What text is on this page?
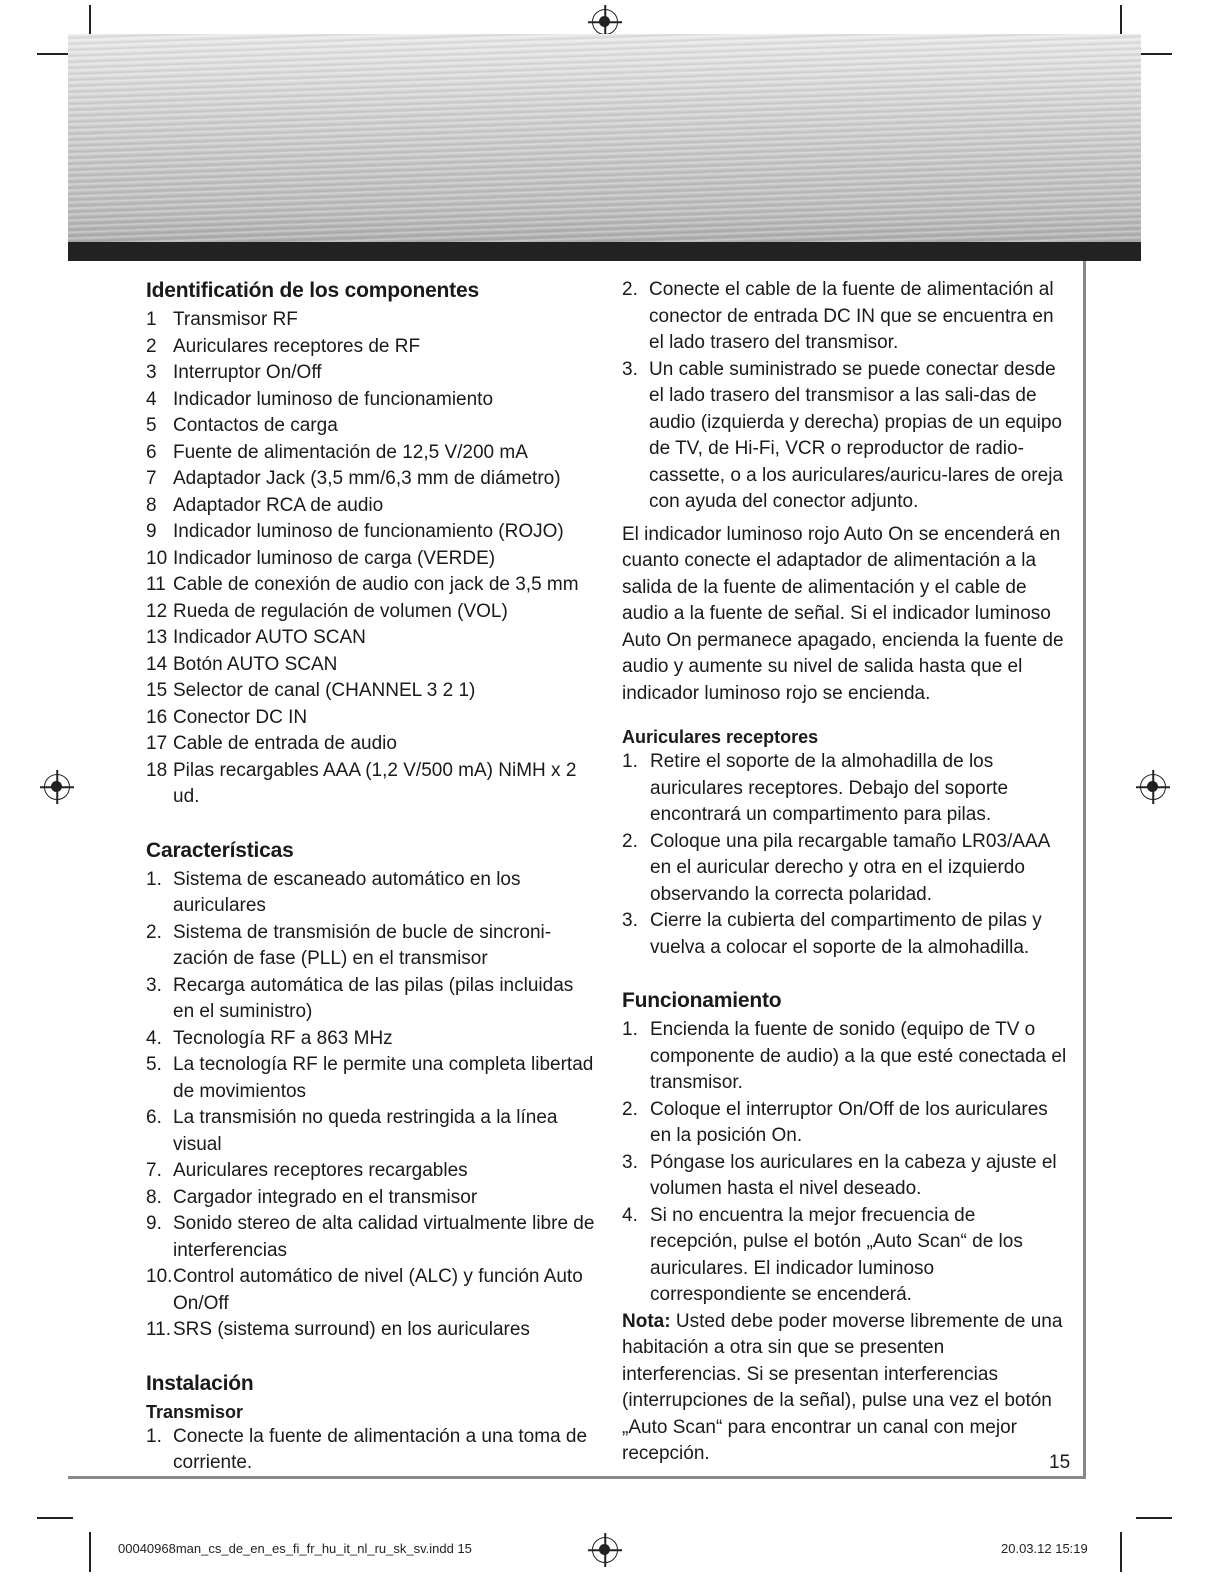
Identificatión de los componentes
1 Transmisor RF
2 Auriculares receptores de RF
3 Interruptor On/Off
4 Indicador luminoso de funcionamiento
5 Contactos de carga
6 Fuente de alimentación de 12,5 V/200 mA
7 Adaptador Jack (3,5 mm/6,3 mm de diámetro)
8 Adaptador RCA de audio
9 Indicador luminoso de funcionamiento (ROJO)
10 Indicador luminoso de carga (VERDE)
11 Cable de conexión de audio con jack de 3,5 mm
12 Rueda de regulación de volumen (VOL)
13 Indicador AUTO SCAN
14 Botón AUTO SCAN
15 Selector de canal (CHANNEL 3 2 1)
16 Conector DC IN
17 Cable de entrada de audio
18 Pilas recargables AAA (1,2 V/500 mA) NiMH x 2 ud.
Características
1. Sistema de escaneado automático en los auriculares
2. Sistema de transmisión de bucle de sincroni-zación de fase (PLL) en el transmisor
3. Recarga automática de las pilas (pilas incluidas en el suministro)
4. Tecnología RF a 863 MHz
5. La tecnología RF le permite una completa libertad de movimientos
6. La transmisión no queda restringida a la línea visual
7. Auriculares receptores recargables
8. Cargador integrado en el transmisor
9. Sonido stereo de alta calidad virtualmente libre de interferencias
10. Control automático de nivel (ALC) y función Auto On/Off
11. SRS (sistema surround) en los auriculares
Instalación
Transmisor
1. Conecte la fuente de alimentación a una toma de corriente.
2. Conecte el cable de la fuente de alimentación al conector de entrada DC IN que se encuentra en el lado trasero del transmisor.
3. Un cable suministrado se puede conectar desde el lado trasero del transmisor a las sali-das de audio (izquierda y derecha) propias de un equipo de TV, de Hi-Fi, VCR o reproductor de radio-cassette, o a los auriculares/auricu-lares de oreja con ayuda del conector adjunto.
El indicador luminoso rojo Auto On se encenderá en cuanto conecte el adaptador de alimentación a la salida de la fuente de alimentación y el cable de audio a la fuente de señal. Si el indicador luminoso Auto On permanece apagado, encienda la fuente de audio y aumente su nivel de salida hasta que el indicador luminoso rojo se encienda.
Auriculares receptores
1. Retire el soporte de la almohadilla de los auriculares receptores. Debajo del soporte encontrará un compartimento para pilas.
2. Coloque una pila recargable tamaño LR03/AAA en el auricular derecho y otra en el izquierdo observando la correcta polaridad.
3. Cierre la cubierta del compartimento de pilas y vuelva a colocar el soporte de la almohadilla.
Funcionamiento
1. Encienda la fuente de sonido (equipo de TV o componente de audio) a la que esté conectada el transmisor.
2. Coloque el interruptor On/Off de los auriculares en la posición On.
3. Póngase los auriculares en la cabeza y ajuste el volumen hasta el nivel deseado.
4. Si no encuentra la mejor frecuencia de recepción, pulse el botón „Auto Scan“ de los auriculares. El indicador luminoso correspondiente se encenderá.
Nota: Usted debe poder moverse libremente de una habitación a otra sin que se presenten interferencias. Si se presentan interferencias (interrupciones de la señal), pulse una vez el botón „Auto Scan“ para encontrar un canal con mejor recepción.	15
00040968man_cs_de_en_es_fi_fr_hu_it_nl_ru_sk_sv.indd 15	20.03.12 15:19
